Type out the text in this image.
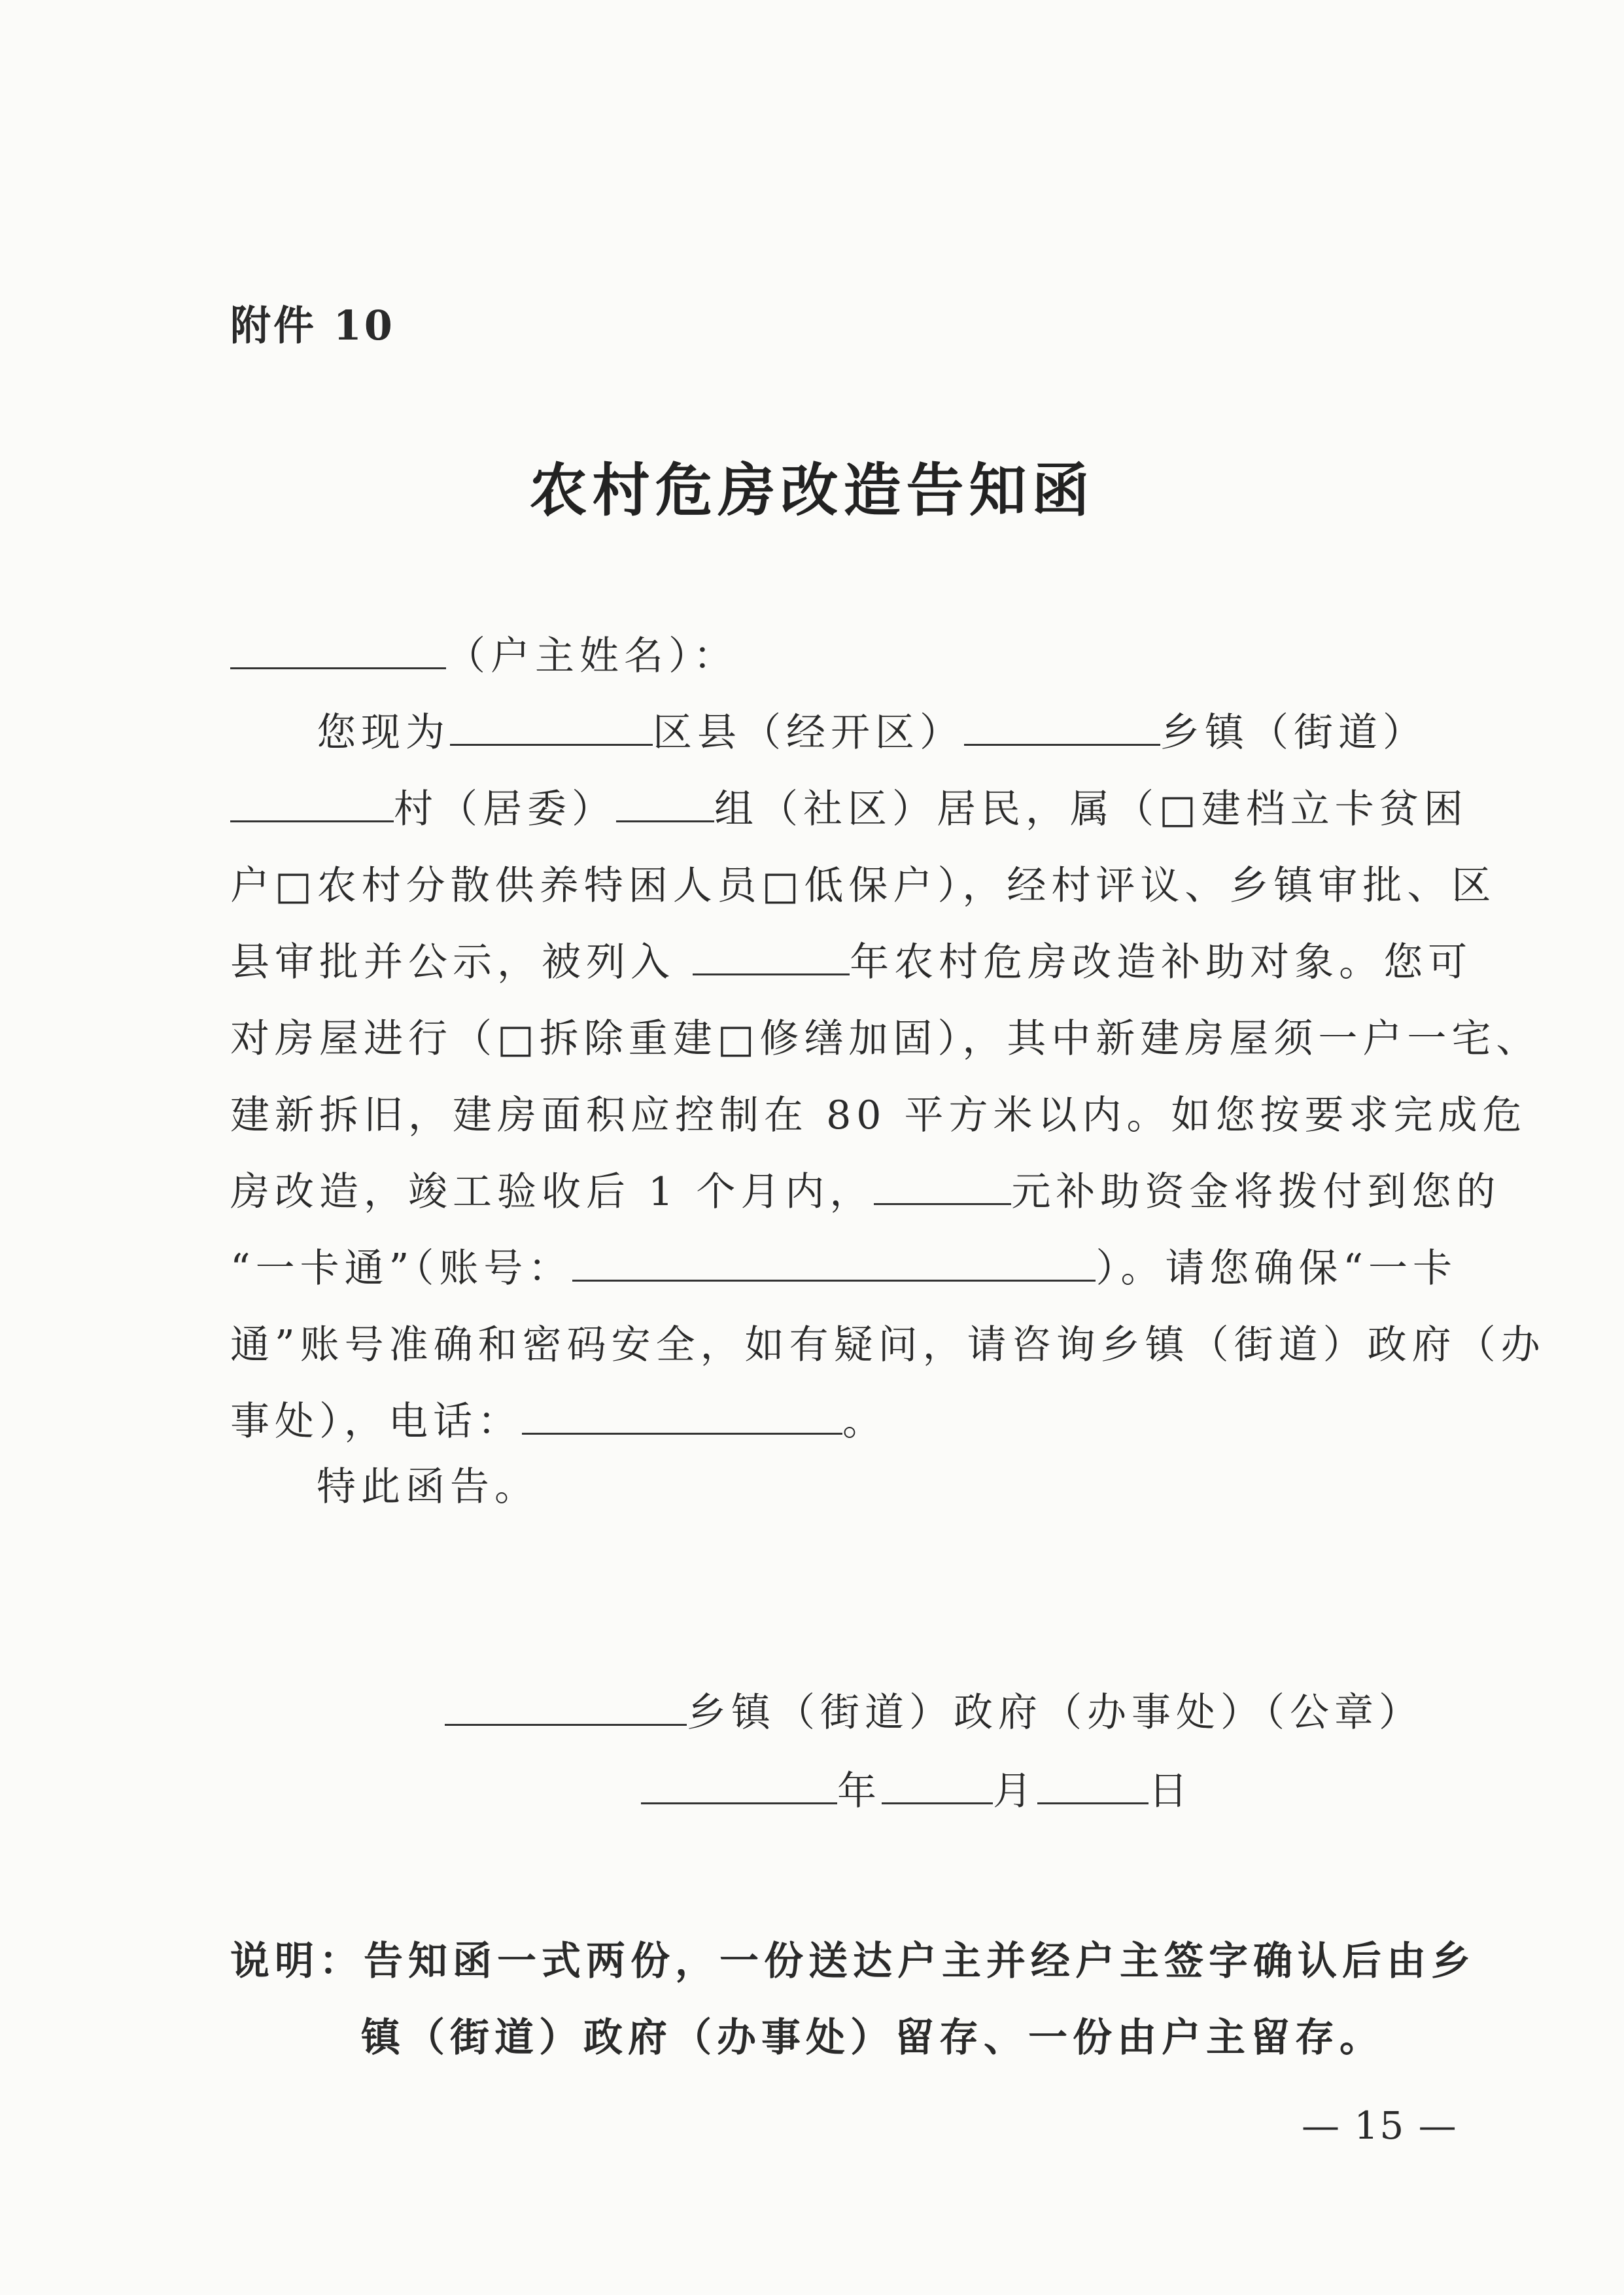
附件 10
农村危房改造告知函
（户主姓名）：
您现为	区县（经开区）	乡镇（街道）
村（居委）	组（社区）居民，属（□建档立卡贫困
户□农村分散供养特困人员□低保户），经村评议、乡镇审批、区
县审批并公示，被列入	年农村危房改造补助对象。您可
对房屋进行（□拆除重建□修缮加固），其中新建房屋须一户一宅、
建新拆旧，建房面积应控制在 80 平方米以内。如您按要求完成危
房改造，竣工验收后 1 个月内，	元补助资金将拨付到您的
“一卡通”（账号：	）。请您确保“一卡
通”账号准确和密码安全，如有疑问，请咨询乡镇（街道）政府（办
事处），电话：	。
特此函告。
乡镇（街道）政府（办事处）（公章）
年	月	日
说明：告知函一式两份，一份送达户主并经户主签字确认后由乡
镇（街道）政府（办事处）留存、一份由户主留存。
— 15 —
